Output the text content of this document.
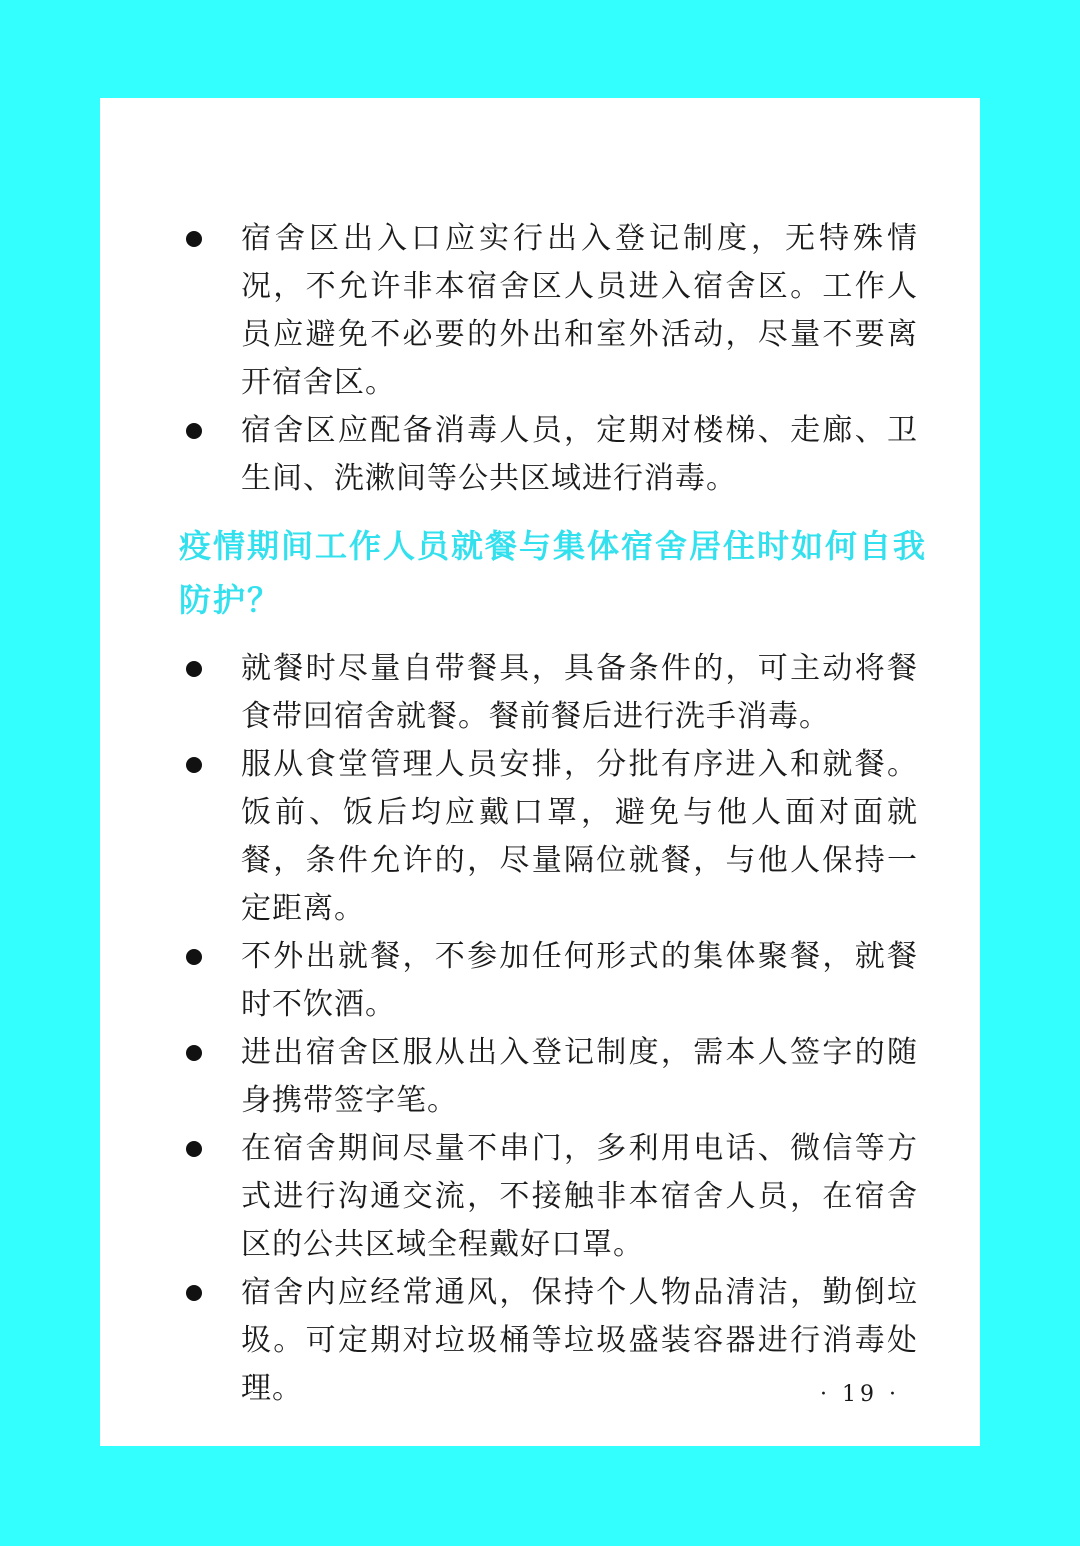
宿舍区出入口应实行出入登记制度，无特殊情况，不允许非本宿舍区人员进入宿舍区。工作人员应避免不必要的外出和室外活动，尽量不要离开宿舍区。
宿舍区应配备消毒人员，定期对楼梯、走廊、卫生间、洗漱间等公共区域进行消毒。
疫情期间工作人员就餐与集体宿舍居住时如何自我防护？
就餐时尽量自带餐具，具备条件的，可主动将餐食带回宿舍就餐。餐前餐后进行洗手消毒。
服从食堂管理人员安排，分批有序进入和就餐。饭前、饭后均应戴口罩，避免与他人面对面就餐，条件允许的，尽量隔位就餐，与他人保持一定距离。
不外出就餐，不参加任何形式的集体聚餐，就餐时不饮酒。
进出宿舍区服从出入登记制度，需本人签字的随身携带签字笔。
在宿舍期间尽量不串门，多利用电话、微信等方式进行沟通交流，不接触非本宿舍人员，在宿舍区的公共区域全程戴好口罩。
宿舍内应经常通风，保持个人物品清洁，勤倒垃圾。可定期对垃圾桶等垃圾盛装容器进行消毒处理。	· 19 ·
